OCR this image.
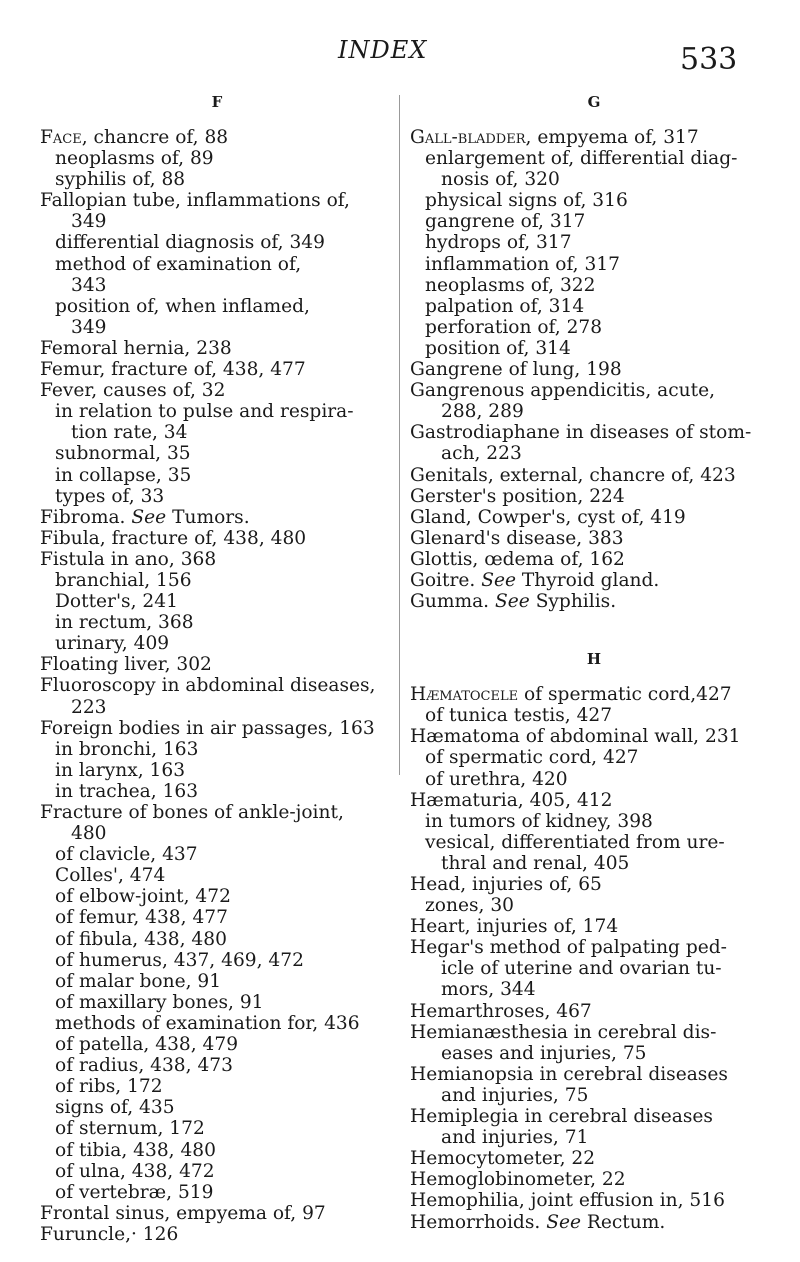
INDEX	533
F
Face, chancre of, 88
neoplasms of, 89
syphilis of, 88
Fallopian tube, inflammations of,
349
differential diagnosis of, 349
method of examination of,
343
position of, when inflamed,
349
Femoral hernia, 238
Femur, fracture of, 438, 477
Fever, causes of, 32
in relation to pulse and respira-
tion rate, 34
subnormal, 35
in collapse, 35
types of, 33
Fibroma. See Tumors.
Fibula, fracture of, 438, 480
Fistula in ano, 368
branchial, 156
Dotter's, 241
in rectum, 368
urinary, 409
Floating liver, 302
Fluoroscopy in abdominal diseases,
223
Foreign bodies in air passages, 163
in bronchi, 163
in larynx, 163
in trachea, 163
Fracture of bones of ankle-joint,
480
of clavicle, 437
Colles', 474
of elbow-joint, 472
of femur, 438, 477
of fibula, 438, 480
of humerus, 437, 469, 472
of malar bone, 91
of maxillary bones, 91
methods of examination for, 436
of patella, 438, 479
of radius, 438, 473
of ribs, 172
signs of, 435
of sternum, 172
of tibia, 438, 480
of ulna, 438, 472
of vertebræ, 519
Frontal sinus, empyema of, 97
Furuncle,· 126
G
Gall-bladder, empyema of, 317
enlargement of, differential diag-
nosis of, 320
physical signs of, 316
gangrene of, 317
hydrops of, 317
inflammation of, 317
neoplasms of, 322
palpation of, 314
perforation of, 278
position of, 314
Gangrene of lung, 198
Gangrenous appendicitis, acute,
288, 289
Gastrodiaphane in diseases of stom-
ach, 223
Genitals, external, chancre of, 423
Gerster's position, 224
Gland, Cowper's, cyst of, 419
Glenard's disease, 383
Glottis, œdema of, 162
Goitre. See Thyroid gland.
Gumma. See Syphilis.
H
Hæmatocele of spermatic cord,427
of tunica testis, 427
Hæmatoma of abdominal wall, 231
of spermatic cord, 427
of urethra, 420
Hæmaturia, 405, 412
in tumors of kidney, 398
vesical, differentiated from ure-
thral and renal, 405
Head, injuries of, 65
zones, 30
Heart, injuries of, 174
Hegar's method of palpating ped-
icle of uterine and ovarian tu-
mors, 344
Hemarthroses, 467
Hemianæsthesia in cerebral dis-
eases and injuries, 75
Hemianopsia in cerebral diseases
and injuries, 75
Hemiplegia in cerebral diseases
and injuries, 71
Hemocytometer, 22
Hemoglobinometer, 22
Hemophilia, joint effusion in, 516
Hemorrhoids. See Rectum.
